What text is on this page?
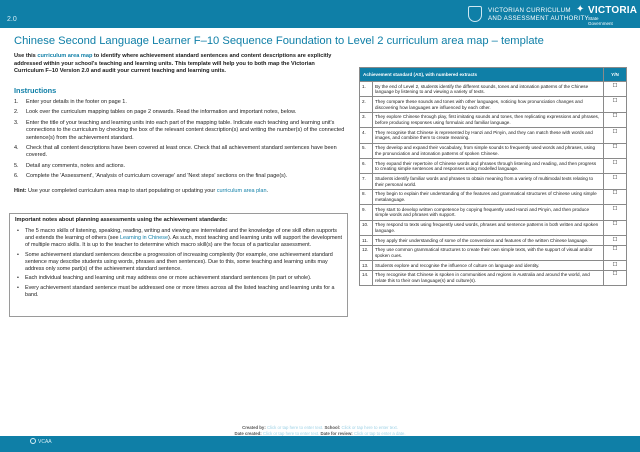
2.0
VICTORIAN CURRICULUM
AND ASSESSMENT AUTHORITY
✦ VICTORIA
State Government
Chinese Second Language Learner F–10 Sequence Foundation to Level 2 curriculum area map – template
Use this curriculum area map to identify where achievement standard sentences and content descriptions are explicitly addressed within your school's teaching and learning units. This template will help you to both map the Victorian Curriculum F–10 Version 2.0 and audit your current teaching and learning units.
Instructions
1. Enter your details in the footer on page 1.
2. Look over the curriculum mapping tables on page 2 onwards. Read the information and important notes, below.
3. Enter the title of your teaching and learning units into each part of the mapping table. Indicate each teaching and learning unit's connections to the curriculum by checking the box of the relevant content description(s) and writing the number(s) of the connected sentence(s) from the achievement standard.
4. Check that all content descriptions have been covered at least once. Check that all achievement standard sentences have been covered.
5. Detail any comments, notes and actions.
6. Complete the 'Assessment', 'Analysis of curriculum coverage' and 'Next steps' sections on the final page(s).
Hint: Use your completed curriculum area map to start populating or updating your curriculum area plan.
Important notes about planning assessments using the achievement standards:
• The 5 macro skills of listening, speaking, reading, writing and viewing are interrelated and the knowledge of one skill often supports and extends the learning of others (see Learning in Chinese). As such, most teaching and learning units will support the development of multiple macro skills. It is up to the teacher to determine which macro skill(s) are the focus of a particular assessment.
• Some achievement standard sentences describe a progression of increasing complexity (for example, one achievement standard sentence may describe students using words, phrases and then sentences). Due to this, some teaching and learning units may address only some part(s) of the achievement standard sentence.
• Each individual teaching and learning unit may address one or more achievement standard sentences (in part or whole).
• Every achievement standard sentence must be addressed one or more times across all the listed teaching and learning units for a band.
Achievement standard (AS), with numbered extracts		Y/N
1.	By the end of Level 2, students identify the different sounds, tones and intonation patterns of the Chinese language by listening to and viewing a variety of texts.	☐
2.	They compare these sounds and tones with other languages, noticing how pronunciation changes and discovering how languages are influenced by each other.	☐
3.	They explore Chinese through play, first imitating sounds and tones, then replicating expressions and phrases, before producing responses using formulaic and familiar language.	☐
4.	They recognise that Chinese is represented by Hanzi and Pinyin, and they can match these with words and images, and combine them to create meaning.	☐
5.	They develop and expand their vocabulary, from simple sounds to frequently used words and phrases, using the pronunciation and intonation patterns of spoken Chinese.	☐
6.	They expand their repertoire of Chinese words and phrases through listening and reading, and then progress to creating simple sentences and responses using modelled language.	☐
7.	Students identify familiar words and phrases to obtain meaning from a variety of multimodal texts relating to their personal world.	☐
8.	They begin to explain their understanding of the features and grammatical structures of Chinese using simple metalanguage.	☐
9.	They start to develop written competence by copying frequently used Hanzi and Pinyin, and then produce simple words and phrases with support.	☐
10.	They respond to texts using frequently used words, phrases and sentence patterns in both written and spoken language.	☐
11.	They apply their understanding of some of the conventions and features of the written Chinese language.	☐
12.	They use common grammatical structures to create their own simple texts, with the support of visual and/or spoken cues.	☐
13.	Students explore and recognise the influence of culture on language and identity.	☐
14.	They recognise that Chinese is spoken in communities and regions in Australia and around the world, and relate this to their own language(s) and culture(s).	☐
VCAA
Created by: Click or tap here to enter text. School: Click or tap here to enter text.
Date created: Click or tap here to enter text. Date for review: Click or tap to enter a date.
